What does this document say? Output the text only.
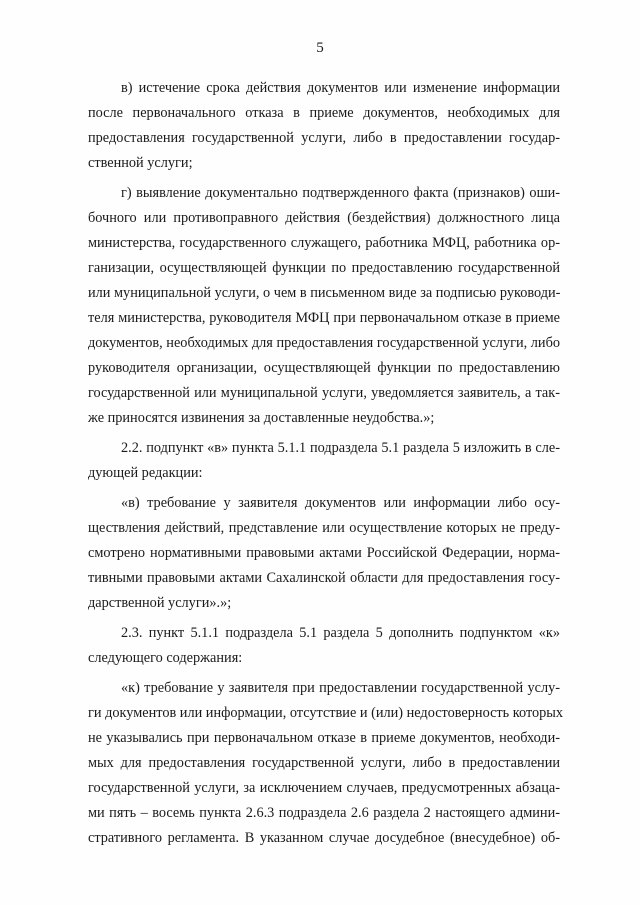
5
в) истечение срока действия документов или изменение информации
после первоначального отказа в приеме документов, необходимых для
предоставления государственной услуги, либо в предоставлении государ-
ственной услуги;
г) выявление документально подтвержденного факта (признаков) оши-
бочного или противоправного действия (бездействия) должностного лица
министерства, государственного служащего, работника МФЦ, работника ор-
ганизации, осуществляющей функции по предоставлению государственной
или муниципальной услуги, о чем в письменном виде за подписью руководи-
теля министерства, руководителя МФЦ при первоначальном отказе в приеме
документов, необходимых для предоставления государственной услуги, либо
руководителя организации, осуществляющей функции по предоставлению
государственной или муниципальной услуги, уведомляется заявитель, а так-
же приносятся извинения за доставленные неудобства.»;
2.2. подпункт «в» пункта 5.1.1 подраздела 5.1 раздела 5 изложить в сле-
дующей редакции:
«в) требование у заявителя документов или информации либо осу-
ществления действий, представление или осуществление которых не преду-
смотрено нормативными правовыми актами Российской Федерации, норма-
тивными правовыми актами Сахалинской области для предоставления госу-
дарственной услуги».»;
2.3. пункт 5.1.1 подраздела 5.1 раздела 5 дополнить подпунктом «к»
следующего содержания:
«к) требование у заявителя при предоставлении государственной услу-
ги документов или информации, отсутствие и (или) недостоверность которых
не указывались при первоначальном отказе в приеме документов, необходи-
мых для предоставления государственной услуги, либо в предоставлении
государственной услуги, за исключением случаев, предусмотренных абзаца-
ми пять – восемь пункта 2.6.3 подраздела 2.6 раздела 2 настоящего админи-
стративного регламента. В указанном случае досудебное (внесудебное) об-
